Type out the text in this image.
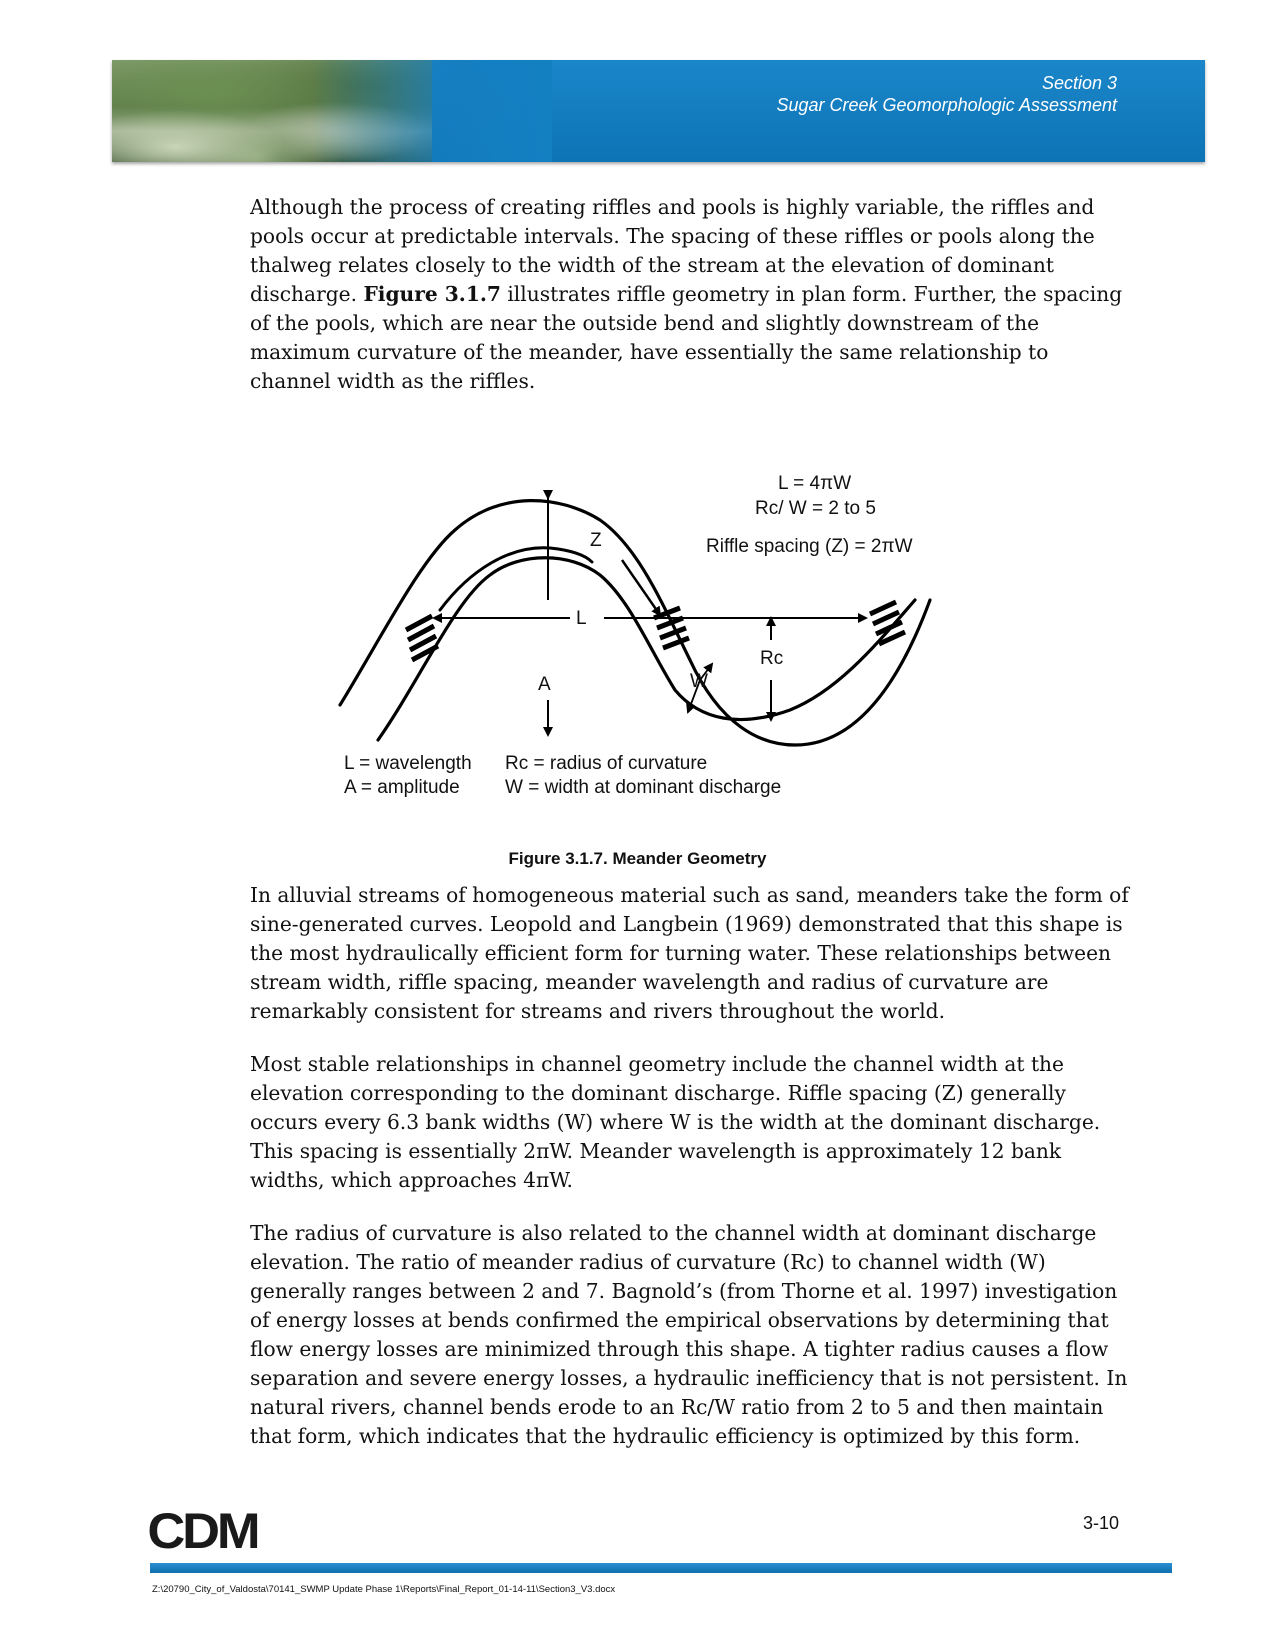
Section 3
Sugar Creek Geomorphologic Assessment

Although the process of creating riffles and pools is highly variable, the riffles and pools occur at predictable intervals. The spacing of these riffles or pools along the thalweg relates closely to the width of the stream at the elevation of dominant discharge. Figure 3.1.7 illustrates riffle geometry in plan form. Further, the spacing of the pools, which are near the outside bend and slightly downstream of the maximum curvature of the meander, have essentially the same relationship to channel width as the riffles.

L = 4πW
Rc/ W = 2 to 5
Riffle spacing (Z) = 2πW
Z
L
A	W
Rc
L = wavelength
A = amplitude
Rc = radius of curvature
W = width at dominant discharge
Figure 3.1.7. Meander Geometry

In alluvial streams of homogeneous material such as sand, meanders take the form of sine-generated curves. Leopold and Langbein (1969) demonstrated that this shape is the most hydraulically efficient form for turning water. These relationships between stream width, riffle spacing, meander wavelength and radius of curvature are remarkably consistent for streams and rivers throughout the world.

Most stable relationships in channel geometry include the channel width at the elevation corresponding to the dominant discharge. Riffle spacing (Z) generally occurs every 6.3 bank widths (W) where W is the width at the dominant discharge. This spacing is essentially 2πW. Meander wavelength is approximately 12 bank widths, which approaches 4πW.

The radius of curvature is also related to the channel width at dominant discharge elevation. The ratio of meander radius of curvature (Rc) to channel width (W) generally ranges between 2 and 7. Bagnold’s (from Thorne et al. 1997) investigation of energy losses at bends confirmed the empirical observations by determining that flow energy losses are minimized through this shape. A tighter radius causes a flow separation and severe energy losses, a hydraulic inefficiency that is not persistent. In natural rivers, channel bends erode to an Rc/W ratio from 2 to 5 and then maintain that form, which indicates that the hydraulic efficiency is optimized by this form.

CDM	3-10
Z:\20790_City_of_Valdosta\70141_SWMP Update Phase 1\Reports\Final_Report_01-14-11\Section3_V3.docx
